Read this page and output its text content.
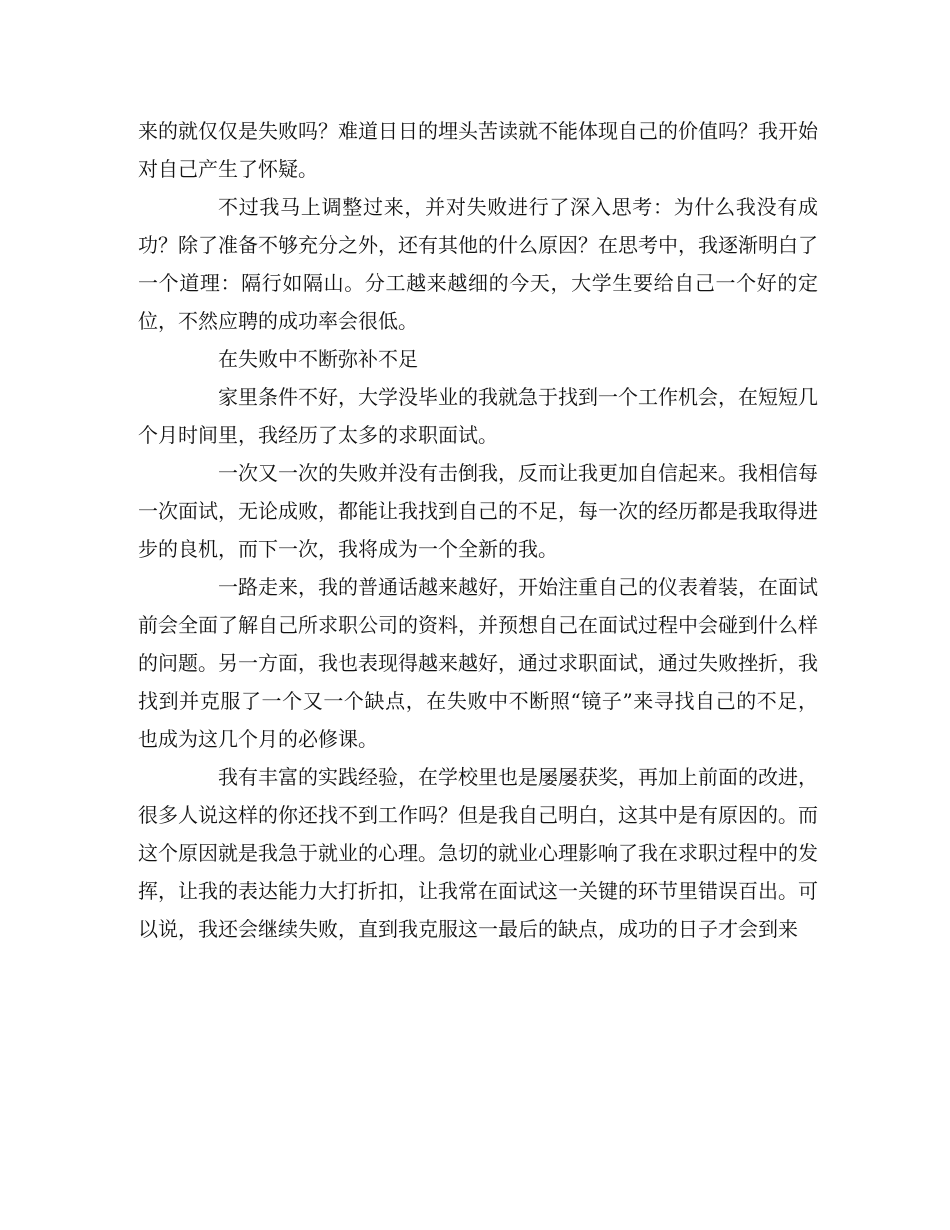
来的就仅仅是失败吗？难道日日的埋头苦读就不能体现自己的价值吗？我开始对自己产生了怀疑。

不过我马上调整过来，并对失败进行了深入思考：为什么我没有成功？除了准备不够充分之外，还有其他的什么原因？在思考中，我逐渐明白了一个道理：隔行如隔山。分工越来越细的今天，大学生要给自己一个好的定位，不然应聘的成功率会很低。

在失败中不断弥补不足

家里条件不好，大学没毕业的我就急于找到一个工作机会，在短短几个月时间里，我经历了太多的求职面试。

一次又一次的失败并没有击倒我，反而让我更加自信起来。我相信每一次面试，无论成败，都能让我找到自己的不足，每一次的经历都是我取得进步的良机，而下一次，我将成为一个全新的我。

一路走来，我的普通话越来越好，开始注重自己的仪表着装，在面试前会全面了解自己所求职公司的资料，并预想自己在面试过程中会碰到什么样的问题。另一方面，我也表现得越来越好，通过求职面试，通过失败挫折，我找到并克服了一个又一个缺点，在失败中不断照“镜子”来寻找自己的不足，也成为这几个月的必修课。

我有丰富的实践经验，在学校里也是屡屡获奖，再加上前面的改进，很多人说这样的你还找不到工作吗？但是我自己明白，这其中是有原因的。而这个原因就是我急于就业的心理。急切的就业心理影响了我在求职过程中的发挥，让我的表达能力大打折扣，让我常在面试这一关键的环节里错误百出。可以说，我还会继续失败，直到我克服这一最后的缺点，成功的日子才会到来
